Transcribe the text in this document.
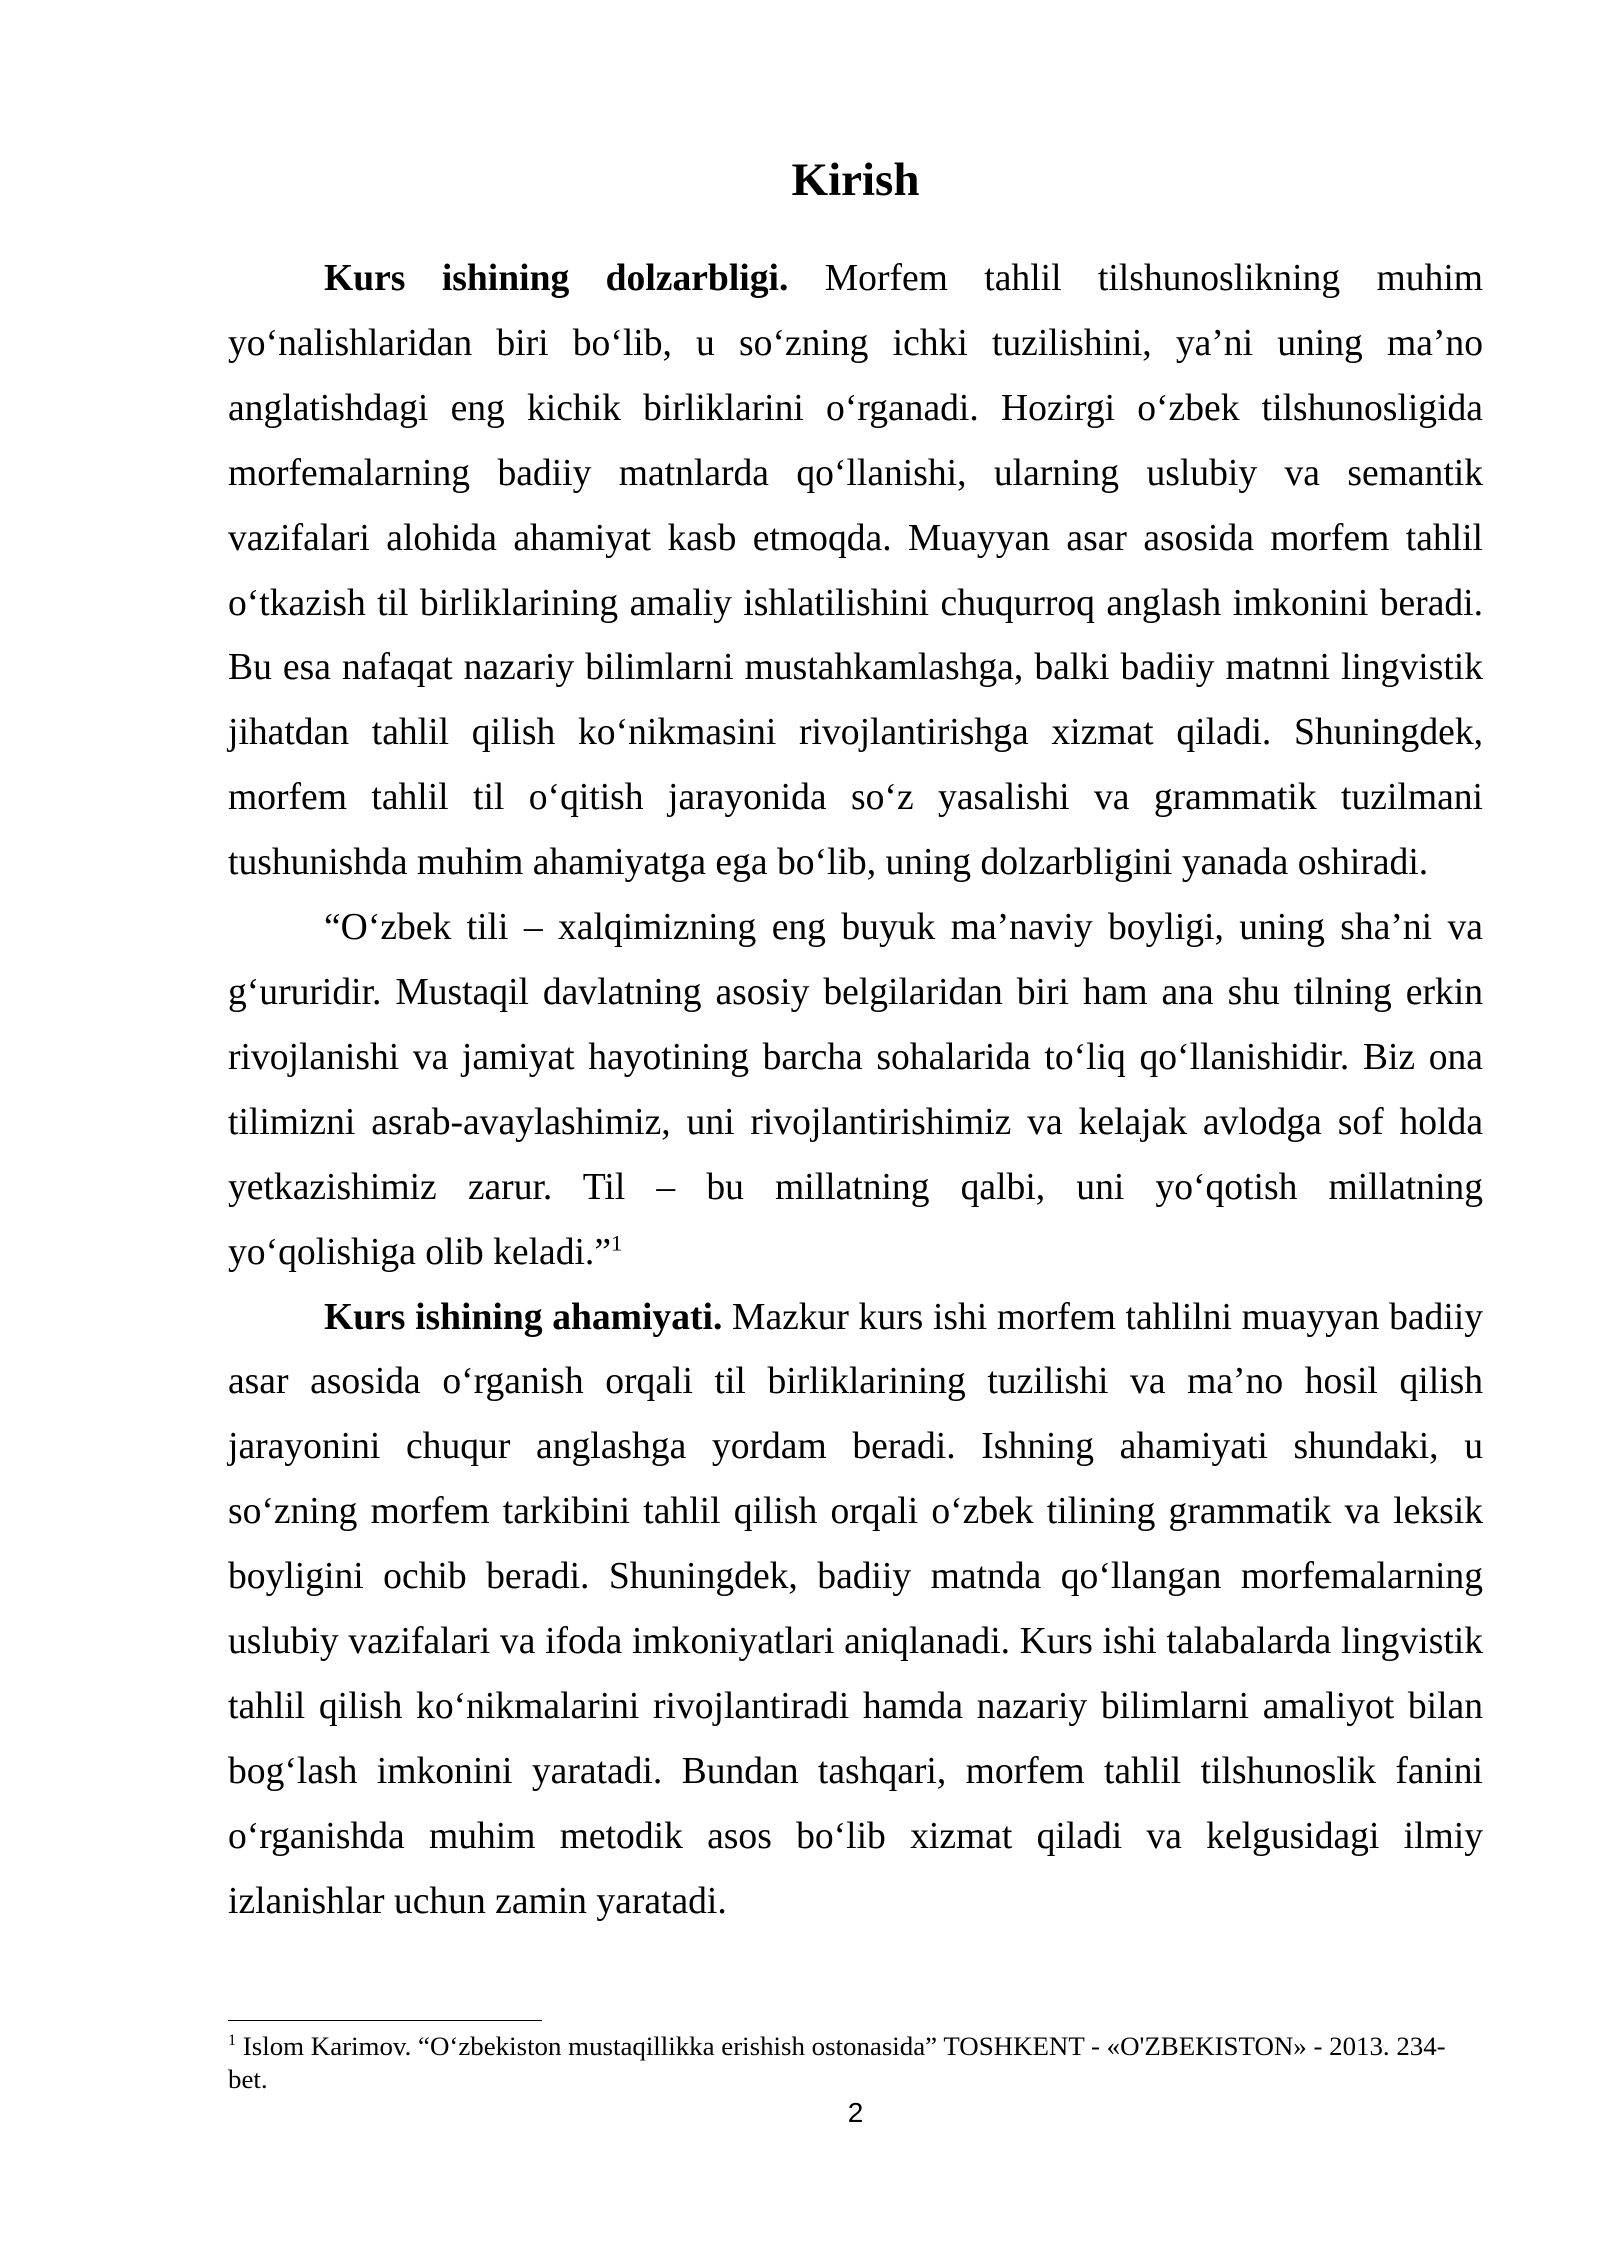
Kirish

Kurs ishining dolzarbligi. Morfem tahlil tilshunoslikning muhim yo‘nalishlaridan biri bo‘lib, u so‘zning ichki tuzilishini, ya’ni uning ma’no anglatishdagi eng kichik birliklarini o‘rganadi. Hozirgi o‘zbek tilshunosligida morfemalarning badiiy matnlarda qo‘llanishi, ularning uslubiy va semantik vazifalari alohida ahamiyat kasb etmoqda. Muayyan asar asosida morfem tahlil o‘tkazish til birliklarining amaliy ishlatilishini chuqurroq anglash imkonini beradi. Bu esa nafaqat nazariy bilimlarni mustahkamlashga, balki badiiy matnni lingvistik jihatdan tahlil qilish ko‘nikmasini rivojlantirishga xizmat qiladi. Shuningdek, morfem tahlil til o‘qitish jarayonida so‘z yasalishi va grammatik tuzilmani tushunishda muhim ahamiyatga ega bo‘lib, uning dolzarbligini yanada oshiradi.

“O‘zbek tili – xalqimizning eng buyuk ma’naviy boyligi, uning sha’ni va g‘ururidir. Mustaqil davlatning asosiy belgilaridan biri ham ana shu tilning erkin rivojlanishi va jamiyat hayotining barcha sohalarida to‘liq qo‘llanishidir. Biz ona tilimizni asrab-avaylashimiz, uni rivojlantirishimiz va kelajak avlodga sof holda yetkazishimiz zarur. Til – bu millatning qalbi, uni yo‘qotish millatning yo‘qolishiga olib keladi.”$^1$

Kurs ishining ahamiyati. Mazkur kurs ishi morfem tahlilni muayyan badiiy asar asosida o‘rganish orqali til birliklarining tuzilishi va ma’no hosil qilish jarayonini chuqur anglashga yordam beradi. Ishning ahamiyati shundaki, u so‘zning morfem tarkibini tahlil qilish orqali o‘zbek tilining grammatik va leksik boyligini ochib beradi. Shuningdek, badiiy matnda qo‘llangan morfemalarning uslubiy vazifalari va ifoda imkoniyatlari aniqlanadi. Kurs ishi talabalarda lingvistik tahlil qilish ko‘nikmalarini rivojlantiradi hamda nazariy bilimlarni amaliyot bilan bog‘lash imkonini yaratadi. Bundan tashqari, morfem tahlil tilshunoslik fanini o‘rganishda muhim metodik asos bo‘lib xizmat qiladi va kelgusidagi ilmiy izlanishlar uchun zamin yaratadi.

$^1$ Islom Karimov. “O‘zbekiston mustaqillikka erishish ostonasida” TOSHKENT - «O'ZBEKISTON» - 2013. 234-bet.

2
